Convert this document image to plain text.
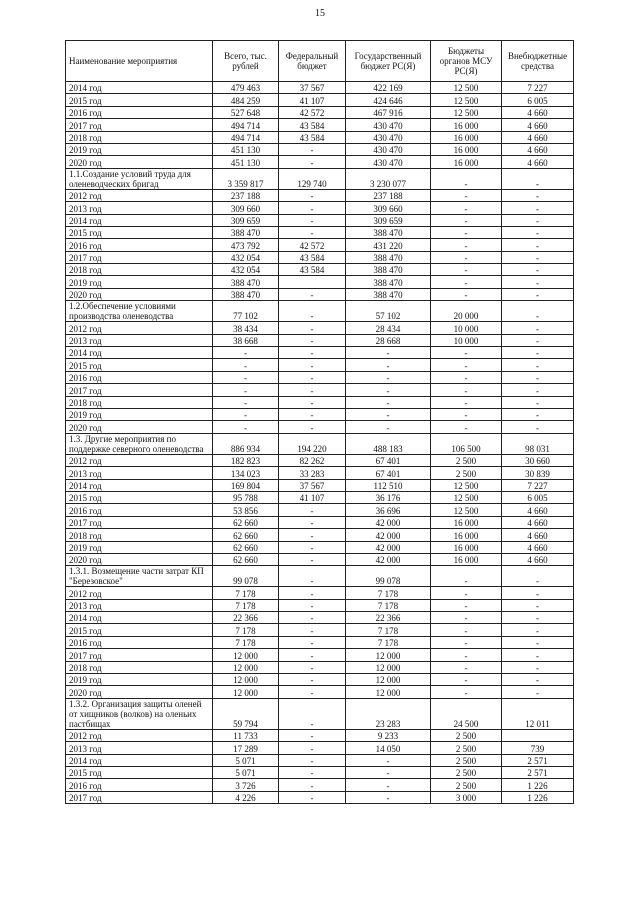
15
Наименование мероприятия	Всего, тыс. рублей	Федеральный бюджет	Государственный бюджет РС(Я)	Бюджеты органов МСУ РС(Я)	Внебюджетные средства
2014 год	479 463	37 567	422 169	12 500	7 227
2015 год	484 259	41 107	424 646	12 500	6 005
2016 год	527 648	42 572	467 916	12 500	4 660
2017 год	494 714	43 584	430 470	16 000	4 660
2018 год	494 714	43 584	430 470	16 000	4 660
2019 год	451 130	-	430 470	16 000	4 660
2020 год	451 130	-	430 470	16 000	4 660
1.1.Создание условий труда для оленеводческих бригад	3 359 817	129 740	3 230 077	-	-
2012 год	237 188	-	237 188	-	-
2013 год	309 660	-	309 660	-	-
2014 год	309 659	-	309 659	-	-
2015 год	388 470	-	388 470	-	-
2016 год	473 792	42 572	431 220	-	-
2017 год	432 054	43 584	388 470	-	-
2018 год	432 054	43 584	388 470	-	-
2019 год	388 470		388 470	-	-
2020 год	388 470	-	388 470	-	-
1.2.Обеспечение условиями производства оленеводства	77 102	-	57 102	20 000	-
2012 год	38 434	-	28 434	10 000	-
2013 год	38 668	-	28 668	10 000	-
2014 год	-	-	-	-	-
2015 год	-	-	-	-	-
2016 год	-	-	-	-	-
2017 год	-	-	-	-	-
2018 год	-	-	-	-	-
2019 год	-	-	-	-	-
2020 год	-	-	-	-	-
1.3. Другие мероприятия по поддержке северного оленеводства	886 934	194 220	488 183	106 500	98 031
2012 год	182 823	82 262	67 401	2 500	30 660
2013 год	134 023	33 283	67 401	2 500	30 839
2014 год	169 804	37 567	112 510	12 500	7 227
2015 год	95 788	41 107	36 176	12 500	6 005
2016 год	53 856	-	36 696	12 500	4 660
2017 год	62 660	-	42 000	16 000	4 660
2018 год	62 660	-	42 000	16 000	4 660
2019 год	62 660	-	42 000	16 000	4 660
2020 год	62 660	-	42 000	16 000	4 660
1.3.1. Возмещение части затрат КП "Березовское"	99 078	-	99 078	-	-
2012 год	7 178	-	7 178	-	-
2013 год	7 178	-	7 178	-	-
2014 год	22 366	-	22 366	-	-
2015 год	7 178	-	7 178	-	-
2016 год	7 178	-	7 178	-	-
2017 год	12 000	-	12 000	-	-
2018 год	12 000	-	12 000	-	-
2019 год	12 000	-	12 000	-	-
2020 год	12 000	-	12 000	-	-
1.3.2. Организация защиты оленей от хищников (волков) на оленьих пастбищах	59 794	-	23 283	24 500	12 011
2012 год	11 733	-	9 233	2 500	
2013 год	17 289	-	14 050	2 500	739
2014 год	5 071	-	-	2 500	2 571
2015 год	5 071	-	-	2 500	2 571
2016 год	3 726	-	-	2 500	1 226
2017 год	4 226	-	-	3 000	1 226
